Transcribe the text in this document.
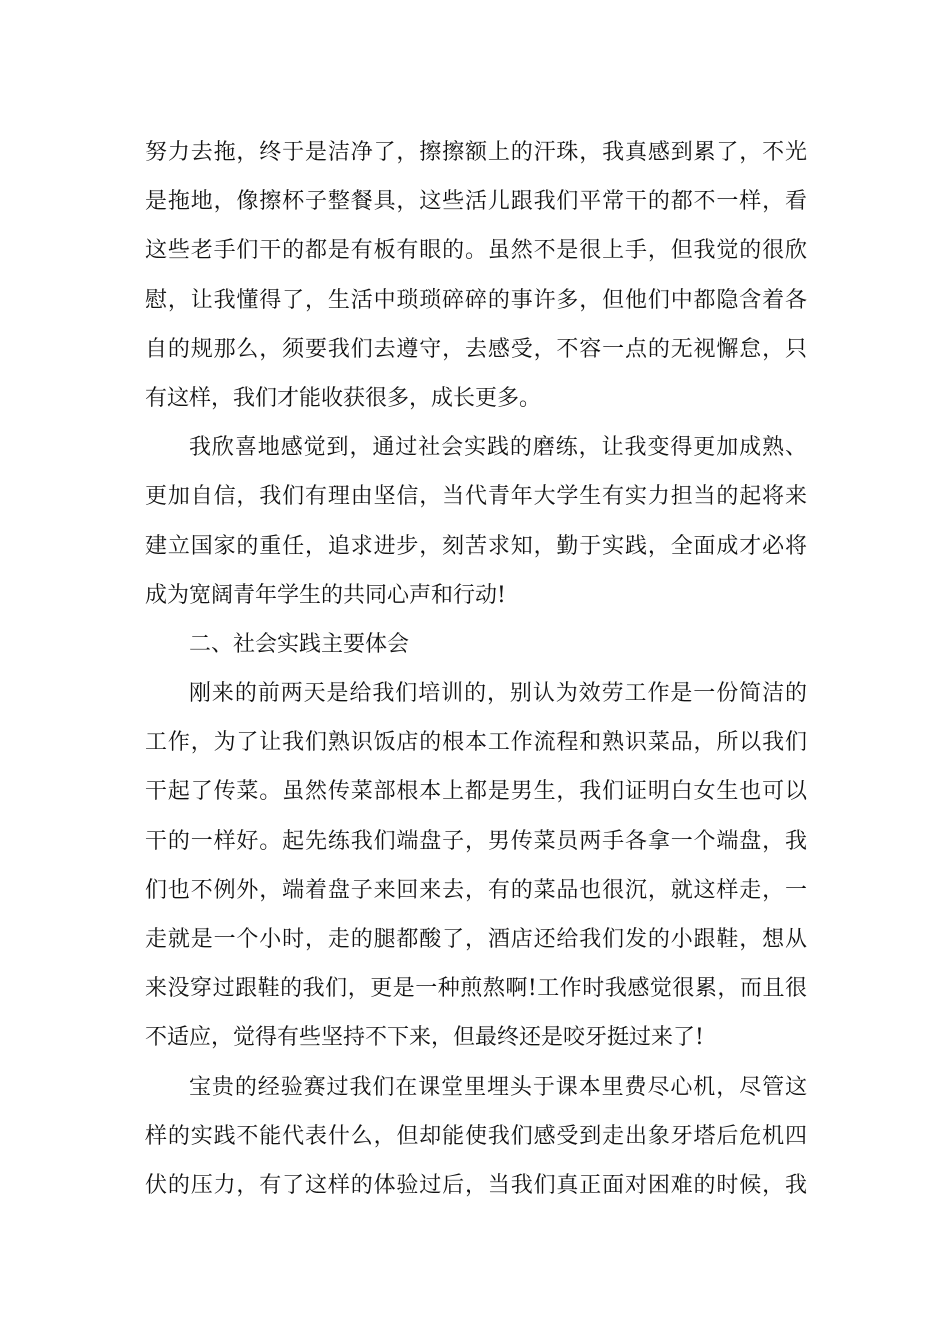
努力去拖，终于是洁净了，擦擦额上的汗珠，我真感到累了，不光
是拖地，像擦杯子整餐具，这些活儿跟我们平常干的都不一样，看
这些老手们干的都是有板有眼的。虽然不是很上手，但我觉的很欣
慰，让我懂得了，生活中琐琐碎碎的事许多，但他们中都隐含着各
自的规那么，须要我们去遵守，去感受，不容一点的无视懈怠，只
有这样，我们才能收获很多，成长更多。
我欣喜地感觉到，通过社会实践的磨练，让我变得更加成熟、
更加自信，我们有理由坚信，当代青年大学生有实力担当的起将来
建立国家的重任，追求进步，刻苦求知，勤于实践，全面成才必将
成为宽阔青年学生的共同心声和行动!
二、社会实践主要体会
刚来的前两天是给我们培训的，别认为效劳工作是一份简洁的
工作，为了让我们熟识饭店的根本工作流程和熟识菜品，所以我们
干起了传菜。虽然传菜部根本上都是男生，我们证明白女生也可以
干的一样好。起先练我们端盘子，男传菜员两手各拿一个端盘，我
们也不例外，端着盘子来回来去，有的菜品也很沉，就这样走，一
走就是一个小时，走的腿都酸了，酒店还给我们发的小跟鞋，想从
来没穿过跟鞋的我们，更是一种煎熬啊!工作时我感觉很累，而且很
不适应，觉得有些坚持不下来，但最终还是咬牙挺过来了!
宝贵的经验赛过我们在课堂里埋头于课本里费尽心机，尽管这
样的实践不能代表什么，但却能使我们感受到走出象牙塔后危机四
伏的压力，有了这样的体验过后，当我们真正面对困难的时候，我
